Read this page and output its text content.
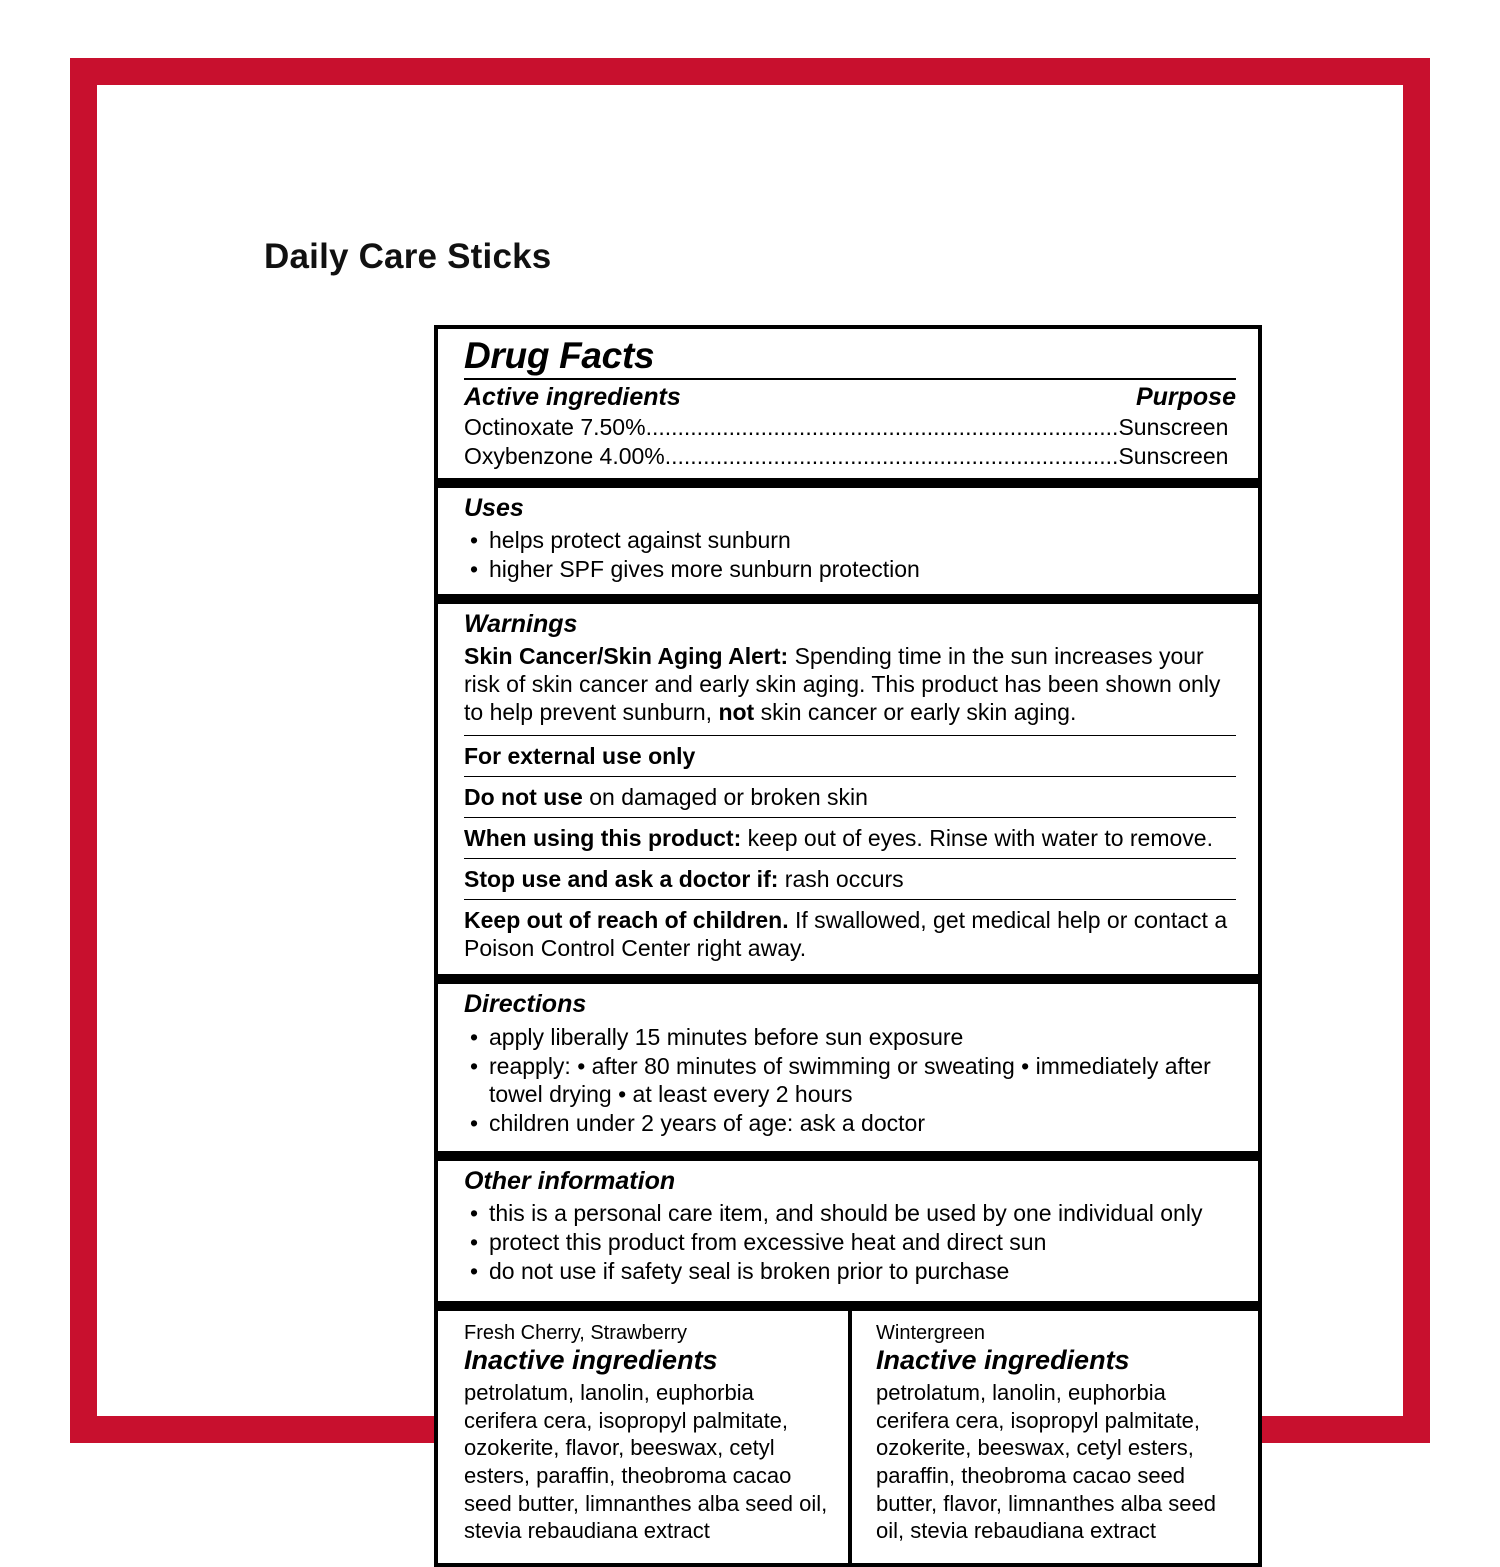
Daily Care Sticks
Drug Facts
Active ingredients	Purpose
Octinoxate 7.50%..........................................................................Sunscreen
Oxybenzone 4.00%.......................................................................Sunscreen
Uses
• helps protect against sunburn
• higher SPF gives more sunburn protection
Warnings

Skin Cancer/Skin Aging Alert: Spending time in the sun increases your risk of skin cancer and early skin aging. This product has been shown only to help prevent sunburn, not skin cancer or early skin aging.

For external use only
Do not use on damaged or broken skin
When using this product: keep out of eyes. Rinse with water to remove.
Stop use and ask a doctor if: rash occurs
Keep out of reach of children. If swallowed, get medical help or contact a Poison Control Center right away.
Directions
• apply liberally 15 minutes before sun exposure
• reapply: • after 80 minutes of swimming or sweating • immediately after towel drying • at least every 2 hours
• children under 2 years of age: ask a doctor
Other information
• this is a personal care item, and should be used by one individual only
• protect this product from excessive heat and direct sun
• do not use if safety seal is broken prior to purchase
Fresh Cherry, Strawberry
Inactive ingredients
petrolatum, lanolin, euphorbia cerifera cera, isopropyl palmitate, ozokerite, flavor, beeswax, cetyl esters, paraffin, theobroma cacao seed butter, limnanthes alba seed oil, stevia rebaudiana extract
Wintergreen
Inactive ingredients
petrolatum, lanolin, euphorbia cerifera cera, isopropyl palmitate, ozokerite, beeswax, cetyl esters, paraffin, theobroma cacao seed butter, flavor, limnanthes alba seed oil, stevia rebaudiana extract
